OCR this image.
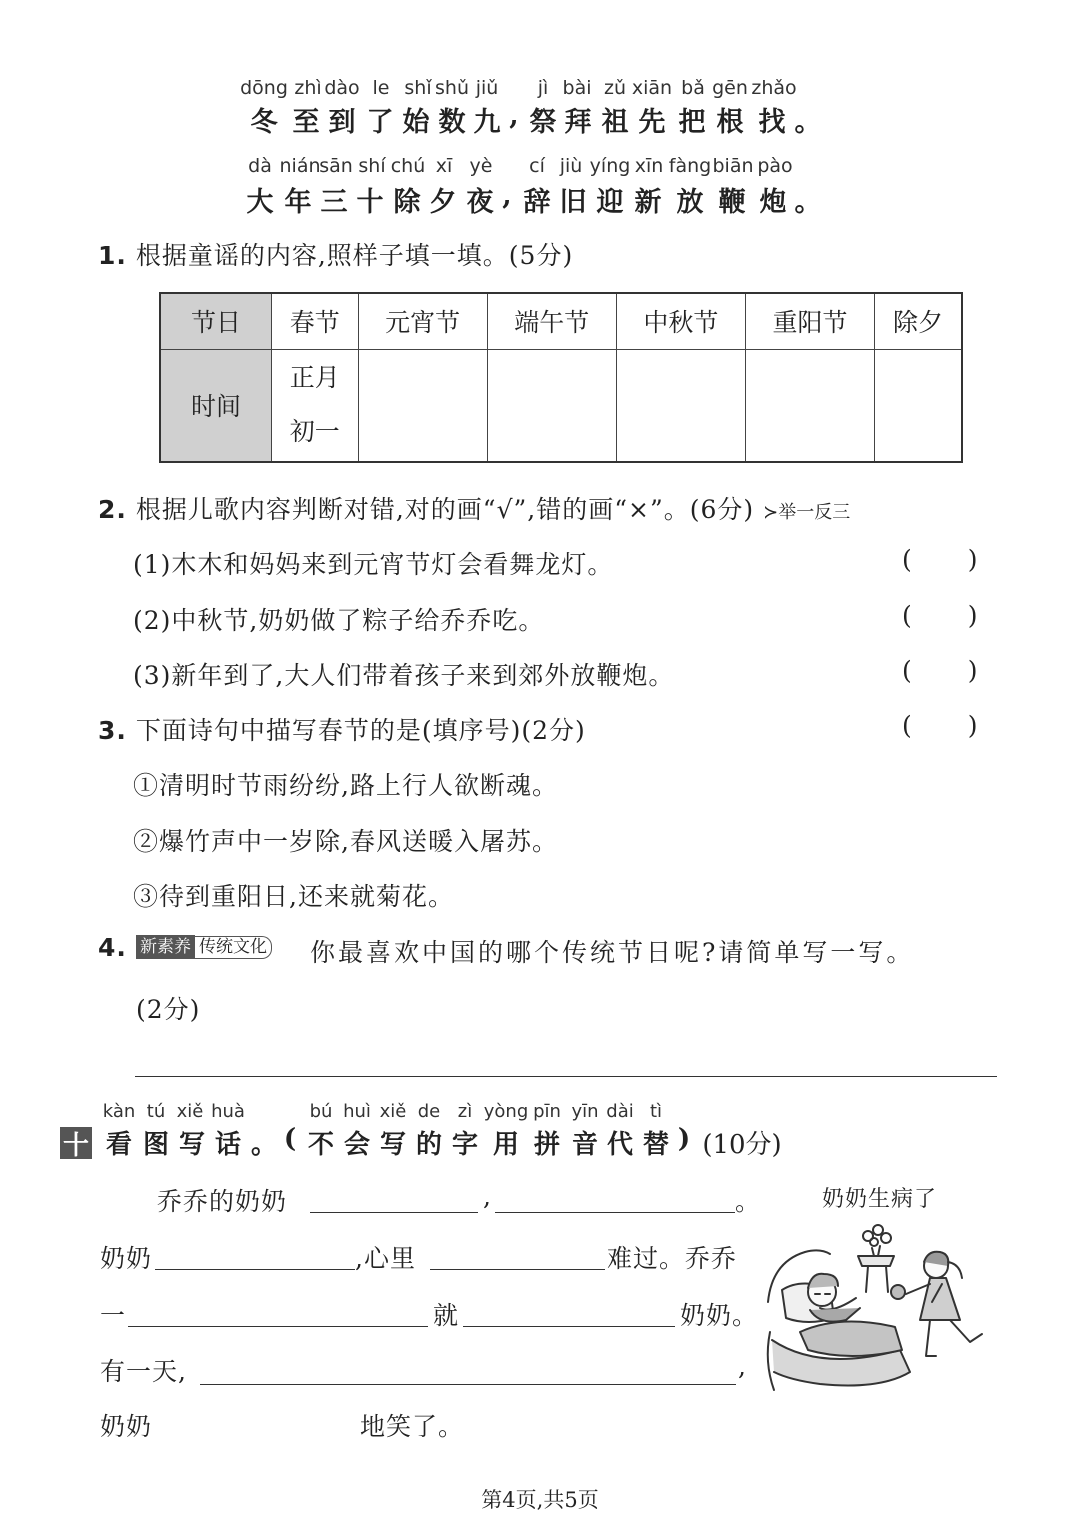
dōng zhì dào le shǐ shǔ jiǔ jì bài zǔ xiān bǎ gēn zhǎo
冬 至 到 了 始 数 九 , 祭 拜 祖 先 把 根 找 。
dà nián
sān shí chú xī yè cí jiù yíng xīn fàng biān pào
大 年 三 十 除 夕 夜 , 辞 旧 迎 新 放 鞭 炮 。
1. 根据童谣的内容,照样子填一填。(5分)
节日	春节	元宵节	端午节	中秋节	重阳节	除夕
时间	正月
初一					

2. 根据儿歌内容判断对错,对的画“√”,错的画“×”。(6分) ≻举一反三
(1)木木和妈妈来到元宵节灯会看舞龙灯。	( )
(2)中秋节,奶奶做了粽子给乔乔吃。	( )
(3)新年到了,大人们带着孩子来到郊外放鞭炮。	( )
3. 下面诗句中描写春节的是(填序号)(2分)	( )
①清明时节雨纷纷,路上行人欲断魂。
②爆竹声中一岁除,春风送暖入屠苏。
③待到重阳日,还来就菊花。
4. 新素养 传统文化 你最喜欢中国的哪个传统节日呢?请简单写一写。
(2分)
kàn tú xiě huà	bú huì xiě de zì yòng pīn yīn dài tì
十 看 图 写 话 。 ( 不 会 写 的 字 用 拼 音 代 替 ) (10分)
乔乔的奶奶	,	。	奶奶生病了
奶奶	,心里	难过。乔乔
一	就	奶奶。
有一天,	,
奶奶	地笑了。
第4页,共5页
